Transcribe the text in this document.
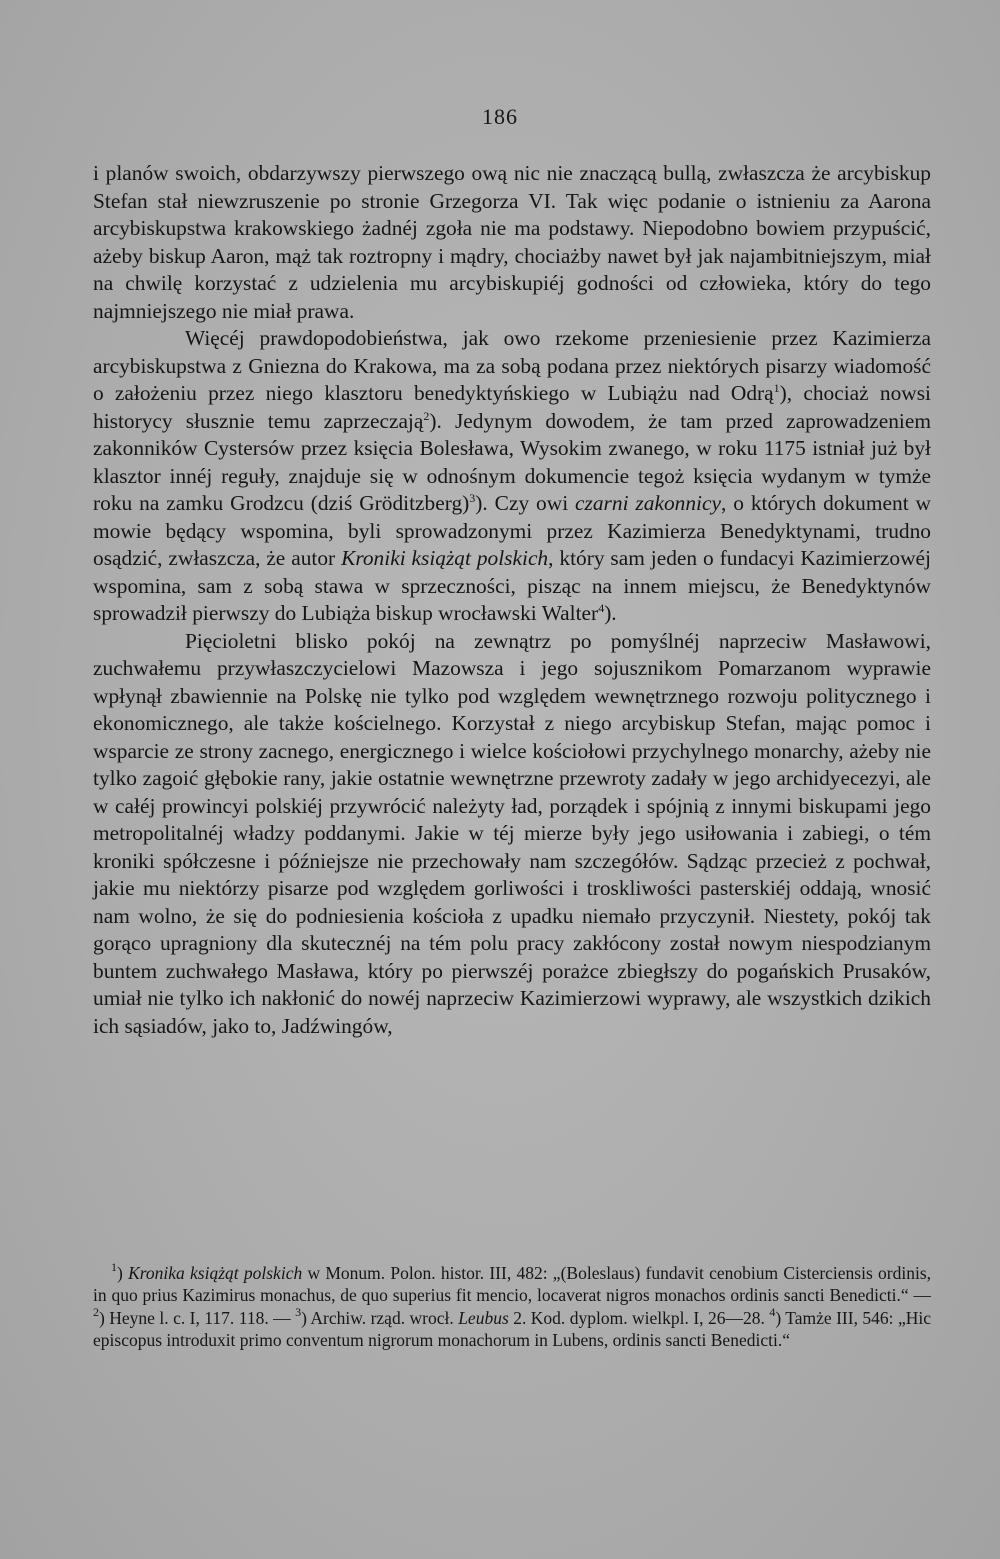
186

i planów swoich, obdarzywszy pierwszego ową nic nie znaczącą bullą, zwłaszcza że arcybiskup Stefan stał niewzruszenie po stronie Grzegorza VI. Tak więc podanie o istnieniu za Aarona arcybiskupstwa krakowskiego żadnéj zgoła nie ma podstawy. Niepodobno bowiem przypuścić, ażeby biskup Aaron, mąż tak roztropny i mądry, chociażby nawet był jak najambitniejszym, miał na chwilę korzystać z udzielenia mu arcybiskupiéj godności od człowieka, który do tego najmniejszego nie miał prawa.

Więcéj prawdopodobieństwa, jak owo rzekome przeniesienie przez Kazimierza arcybiskupstwa z Gniezna do Krakowa, ma za sobą podana przez niektórych pisarzy wiadomość o założeniu przez niego klasztoru benedyktyńskiego w Lubiążu nad Odrą$^1$), chociaż nowsi historycy słusznie temu zaprzeczają$^2$). Jedynym dowodem, że tam przed zaprowadzeniem zakonników Cystersów przez księcia Bolesława, Wysokim zwanego, w roku 1175 istniał już był klasztor innéj reguły, znajduje się w odnośnym dokumencie tegoż księcia wydanym w tymże roku na zamku Grodzcu (dziś Gröditzberg)$^3$). Czy owi czarni zakonnicy, o których dokument w mowie będący wspomina, byli sprowadzonymi przez Kazimierza Benedyktynami, trudno osądzić, zwłaszcza, że autor Kroniki książąt polskich, który sam jeden o fundacyi Kazimierzowéj wspomina, sam z sobą stawa w sprzeczności, pisząc na innem miejscu, że Benedyktynów sprowadził pierwszy do Lubiąża biskup wrocławski Walter$^4$).

Pięcioletni blisko pokój na zewnątrz po pomyślnéj naprzeciw Masławowi, zuchwałemu przywłaszczycielowi Mazowsza i jego sojusznikom Pomarzanom wyprawie wpłynął zbawiennie na Polskę nie tylko pod względem wewnętrznego rozwoju politycznego i ekonomicznego, ale także kościelnego. Korzystał z niego arcybiskup Stefan, mając pomoc i wsparcie ze strony zacnego, energicznego i wielce kościołowi przychylnego monarchy, ażeby nie tylko zagoić głębokie rany, jakie ostatnie wewnętrzne przewroty zadały w jego archidyecezyi, ale w całéj prowincyi polskiéj przywrócić należyty ład, porządek i spójnią z innymi biskupami jego metropolitalnéj władzy poddanymi. Jakie w téj mierze były jego usiłowania i zabiegi, o tém kroniki spółczesne i późniejsze nie przechowały nam szczegółów. Sądząc przecież z pochwał, jakie mu niektórzy pisarze pod względem gorliwości i troskliwości pasterskiéj oddają, wnosić nam wolno, że się do podniesienia kościoła z upadku niemało przyczynił. Niestety, pokój tak gorąco upragniony dla skutecznéj na tém polu pracy zakłócony został nowym niespodzianym buntem zuchwałego Masława, który po pierwszéj porażce zbiegłszy do pogańskich Prusaków, umiał nie tylko ich nakłonić do nowéj naprzeciw Kazimierzowi wyprawy, ale wszystkich dzikich ich sąsiadów, jako to, Jadźwingów,

$^1$) Kronika książąt polskich w Monum. Polon. histor. III, 482: „(Boleslaus) fundavit cenobium Cisterciensis ordinis, in quo prius Kazimirus monachus, de quo superius fit mencio, locaverat nigros monachos ordinis sancti Benedicti.“ — $^2$) Heyne l. c. I, 117. 118. — $^3$) Archiw. rząd. wrocł. Leubus 2. Kod. dyplom. wielkpl. I, 26—28. $^4$) Tamże III, 546: „Hic episcopus introduxit primo conventum nigrorum monachorum in Lubens, ordinis sancti Benedicti.“
